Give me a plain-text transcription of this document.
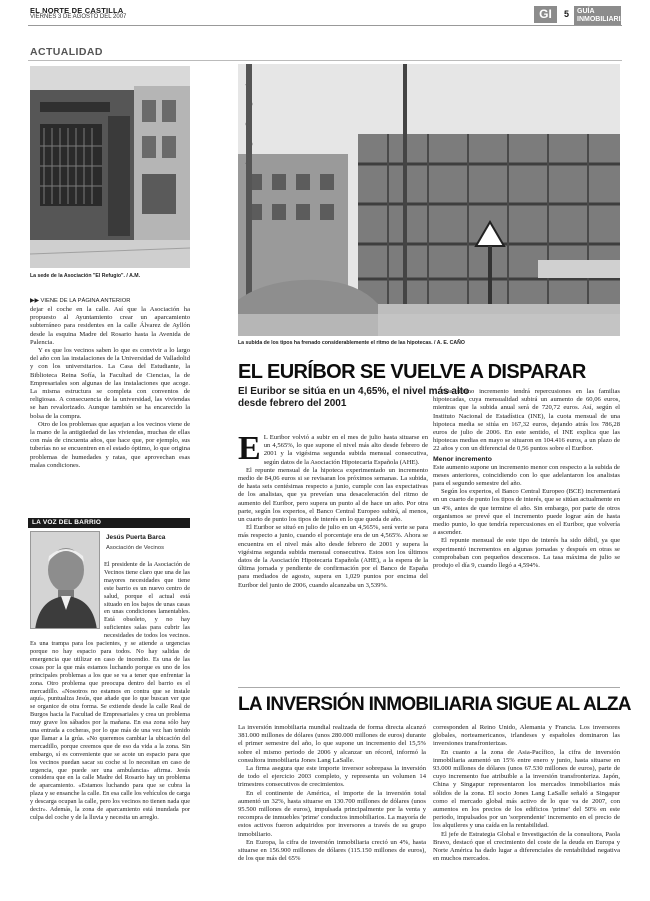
EL NORTE DE CASTILLA
VIERNES 3 DE AGOSTO DEL 2007	GI	5	GUÍA INMOBILIARIA
ACTUALIDAD
La sede de la Asociación "El Refugio". / A.M.
▶▶ VIENE DE LA PÁGINA ANTERIOR

dejar el coche en la calle. Así que la Asociación ha propuesto al Ayuntamiento crear un aparcamiento subterráneo para residentes en la calle Álvarez de Ayllón desde la esquina Madre del Rosario hasta la Avenida de Palencia.

Y es que los vecinos saben lo que es convivir a lo largo del año con las instalaciones de la Universidad de Valladolid y con los universitarios. La Casa del Estudiante, la Biblioteca Reina Sofía, la Facultad de Ciencias, la de Empresariales son algunas de las instalaciones que acoge. La misma estructura se completa con conventos de religiosas. A consecuencia de la universidad, las viviendas se han revalorizado. Aunque también se ha encarecido la bolsa de la compra.

Otro de los problemas que aquejan a los vecinos viene de la mano de la antigüedad de las viviendas, muchas de ellas con más de cincuenta años, que hace que, por ejemplo, sus tuberías no se encuentren en el estado óptimo, lo que origina problemas de humedades y ratas, que aprovechan esas malas condiciones.

LA VOZ DEL BARRIO
Jesús Puerta Barca
Asociación de Vecinos
El presidente de la Asociación de Vecinos tiene claro que una de las mayores necesidades que tiene este barrio es un nuevo centro de salud, porque el actual está situado en los bajos de unas casas en unas condiciones lamentables. Está obsoleto, y no hay suficientes salas para cubrir las necesidades de todos los vecinos. Es una trampa para los pacientes, y se atiende a urgencias porque no hay espacio para todos. No hay salidas de emergencia que utilizar en caso de incendio. Es una de las cosas por la que más estamos luchando porque es uno de los principales problemas a los que se va a tener que enfrentar la zona. Otro problema que preocupa dentro del barrio es el mercadillo. «Nosotros no estamos en contra que se instale aquí», puntualiza Jesús, que añade que lo que buscan ver que se organice de otra forma. Se extiende desde la calle Real de Burgos hacia la Facultad de Empresariales y crea un problema muy grave los sábados por la mañana. En esa zona sólo hay una entrada a cocheras, por lo que más de una vez han tenido que llamar a la grúa. «No queremos cambiar la ubicación del mercadillo, porque creemos que de eso da vida a la zona. Sin embargo, sí es conveniente que se acote un espacio para que los vecinos puedan sacar su coche si lo necesitan en caso de urgencia, que puede ser una ambulancia» afirma. Jesús considera que en la calle Madre del Rosario hay un problema de aparcamiento. «Estamos luchando para que se cubra la plaza y se ensanche la calle. En esa calle los vehículos de carga y descarga ocupan la calle, pero los vecinos no tienen nada que decir». Además, la zona de aparcamiento está inundada por culpa del coche y de la lluvia y necesita un arreglo.
La subida de los tipos ha frenado considerablemente el ritmo de las hipotecas. / A. E. CAÑO
EL EURÍBOR SE VUELVE A DISPARAR
El Euribor se sitúa en un 4,65%, el nivel más alto desde febrero del 2001
E L Euribor volvió a subir en el mes de julio hasta situarse en un 4,565%, lo que supone el nivel más alto desde febrero de 2001 y la vigésima segunda subida mensual consecutiva, según datos de la Asociación Hipotecaria Española (AHE).

El repunte mensual de la hipoteca experimentado un incremento medio de 84,06 euros si se revisaran los próximos semanas. La subida, de hasta seis centésimas respecto a junio, cumple con las expectativas de los analistas, que ya preveían una desaceleración del ritmo de aumento del Euribor, pero supera un punto al de hace un año. Por otra parte, según los expertos, el Banco Central Europeo subirá, al menos, un cuarto de punto los tipos de interés en lo que queda de año.

El Euribor se situó en julio de julio en un 4,565%, será verte se para más respecto a junio, cuando el porcentaje era de un 4,565%. Ahora se encuentra en el nivel más alto desde febrero de 2001 y supera la vigésima segunda subida mensual consecutiva. Estos son los últimos datos de la Asociación Hipotecaria Española (AHE), a la espera de la última jornada y pendiente de confirmación por el Banco de España para mediados de agosto, supera en 1,029 puntos por encima del Euribor del junio de 2006, cuando alcanzaba un 3,539%.

Este último incremento tendrá repercusiones en las familias hipotecadas, cuya mensualidad subirá un aumento de 60,06 euros, mientras que la subida anual será de 720,72 euros. Así, según el Instituto Nacional de Estadística (INE), la cuota mensual de una hipoteca media se sitúa en 167,32 euros, dejando atrás los 786,28 euros de julio de 2006. En este sentido, el INE explica que las hipotecas medias en mayo se situaron en 104.416 euros, a un plazo de 22 años y con un diferencial de 0,56 puntos sobre el Euribor.

Menor incremento

Este aumento supone un incremento menor con respecto a la subida de meses anteriores, coincidiendo con lo que adelantaron los analistas para el segundo semestre del año.

Según los expertos, el Banco Central Europeo (BCE) incrementará en un cuarto de punto los tipos de interés, que se sitúan actualmente en un 4%, antes de que termine el año. Sin embargo, por parte de otros organismos se prevé que el incremento puede lograr aún de hasta medio punto, lo que tendría repercusiones en el Euribor, que volvería a ascender.

El repunte mensual de este tipo de interés ha sido débil, ya que experimentó incrementos en algunas jornadas y después en otras se comprobaban con pequeños descensos. La tasa máxima de julio se produjo el día 9, cuando llegó a 4,594%.

LA INVERSIÓN INMOBILIARIA SIGUE AL ALZA

La inversión inmobiliaria mundial realizada de forma directa alcanzó 381.000 millones de dólares (unos 280.000 millones de euros) durante el primer semestre del año, lo que supone un incremento del 15,5% sobre el mismo periodo de 2006 y alcanzar un récord, informó la consultora inmobiliaria Jones Lang LaSalle.

La firma asegura que este importe inversor sobrepasa la inversión de todo el ejercicio 2003 completo, y representa un volumen 14 trimestres consecutivos de crecimientos.

En el continente de América, el importe de la inversión total aumentó un 32%, hasta situarse en 130.700 millones de dólares (unos 95.500 millones de euros), impulsada principalmente por la venta y recompra de inmuebles 'prime' conductos inmobiliarios. La mayoría de estos activos fueron adquiridos por inversores a través de su grupo inmobiliario.

En Europa, la cifra de inversión inmobiliaria creció un 4%, hasta situarse en 156.900 millones de dólares (115.150 millones de euros), de los que más del 65%

corresponden al Reino Unido, Alemania y Francia. Los inversores globales, norteamericanos, irlandeses y españoles dominaron las inversiones transfronterizas.

En cuanto a la zona de Asia-Pacífico, la cifra de inversión inmobiliaria aumentó un 15% entre enero y junio, hasta situarse en 93.000 millones de dólares (unos 67.530 millones de euros), parte de cuyo incremento fue atribuible a la inversión transfronteriza. Japón, China y Singapur representaron los mercados inmobiliarios más sólidos de la zona. El socio Jones Lang LaSalle señaló a Singapur como el mercado global más activo de lo que va de 2007, con aumentos en los precios de los edificios 'prime' del 50% en este periodo, impulsados por un 'sorprendente' incremento en el precio de los alquileres y una caída en la rentabilidad.

El jefe de Estrategia Global e Investigación de la consultora, Paola Bravo, destacó que el crecimiento del coste de la deuda en Europa y Norte América ha dado lugar a diferenciales de rentabilidad negativa en muchos mercados.
